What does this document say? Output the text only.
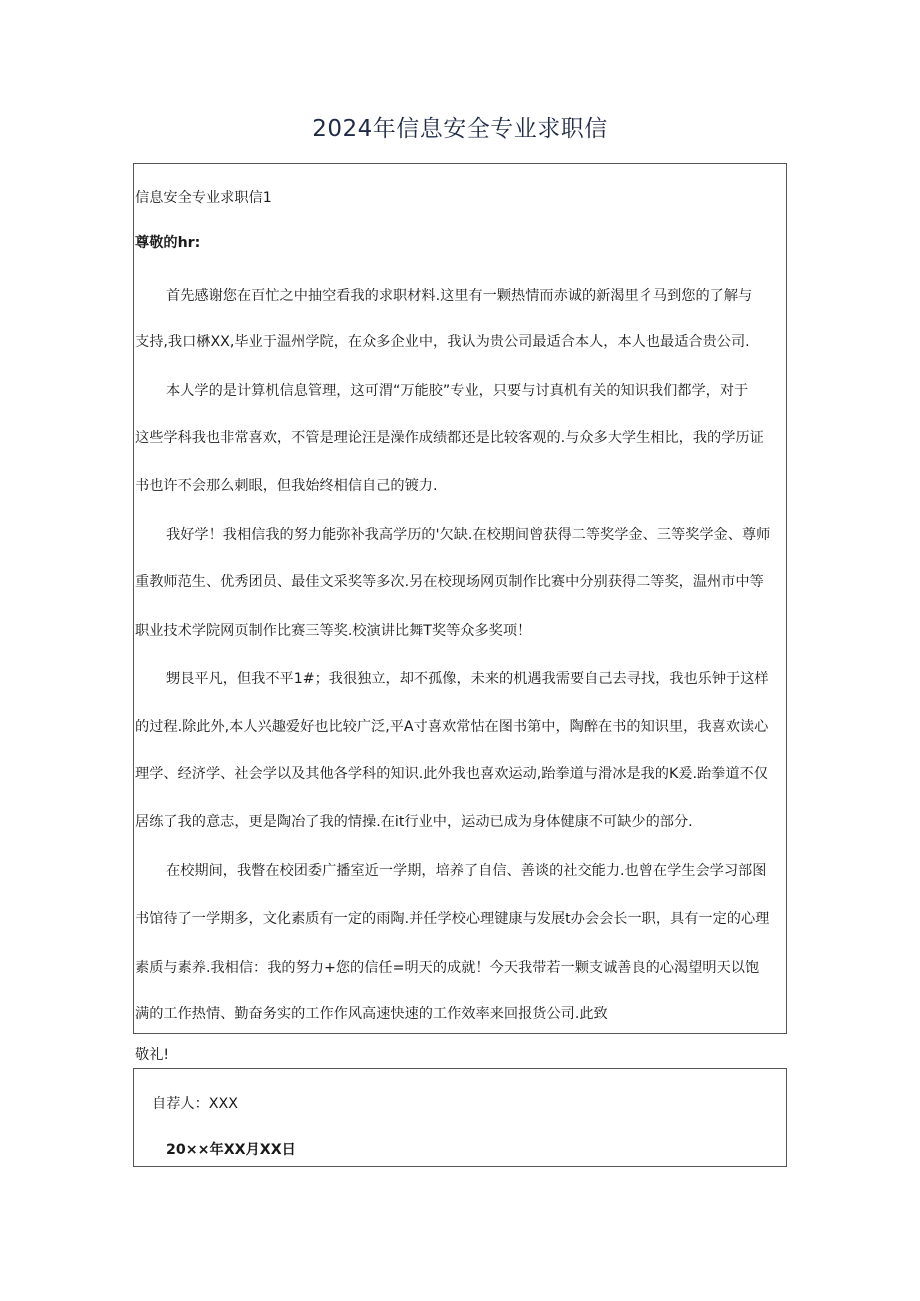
2024年信息安全专业求职信
信息安全专业求职信1
尊敬的hr:
首先感谢您在百忙之中抽空看我的求职材料.这里有一颗热情而赤诚的新渴里彳马到您的了解与
支持,我口楙XX,毕业于温州学院，在众多企业中，我认为贵公司最适合本人，本人也最适合贵公司.
本人学的是计算机信息管理，这可渭“万能胶”专业，只要与讨真机有关的知识我们都学，对于
这些学科我也非常喜欢，不管是理论汪是澡作成绩都还是比较客观的.与众多大学生相比，我的学历证
书也许不会那么刺眼，但我始终相信自己的镀力.
我好学！我相信我的努力能弥补我高学历的'欠缺.在校期间曾获得二等奖学金、三等奖学金、尊师
重教师范生、优秀团员、最佳文采奖等多次.另在校现场网页制作比赛中分别获得二等奖，温州市中等
职业技术学院网页制作比赛三等奖.校演讲比舞T奖等众多奖项！
甥艮平凡，但我不平1#；我很独立，却不孤像，未来的机遇我需要自己去寻找，我也乐钟于这样
的过程.除此外,本人兴趣爱好也比较广泛,平A寸喜欢常怙在图书第中，陶醉在书的知识里，我喜欢读心
理学、经济学、社会学以及其他各学科的知识.此外我也喜欢运动,跆拳道与滑冰是我的K爰.跆拳道不仅
居练了我的意志，更是陶冶了我的情操.在it行业中，运动已成为身体健康不可缺少的部分.
在校期间，我瞥在校团委广播室近一学期，培养了自信、善谈的社交能力.也曾在学生会学习部图
书馆待了一学期多，文化素质有一定的雨陶.并任学校心理键康与发展t办会会长一职，具有一定的心理
素质与素养.我相信：我的努力+您的信任=明天的成就！今天我带若一颗支诚善良的心渴望明天以饱
满的工作热情、勤奋务实的工作作风高速快速的工作效率来回报货公司.此致
敬礼!
自荐人：XXX
20××年XX月XX日
